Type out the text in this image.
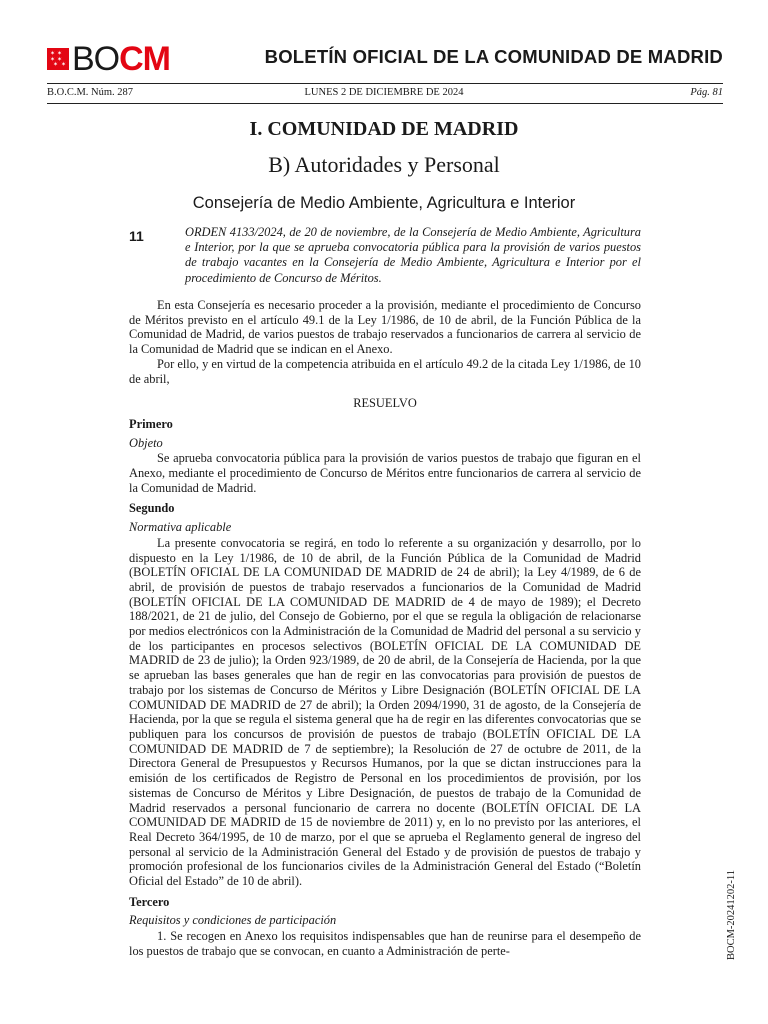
✶ ✶
✶ ✶
✶ ✶ BOCM	BOLETÍN OFICIAL DE LA COMUNIDAD DE MADRID
B.O.C.M. Núm. 287	LUNES 2 DE DICIEMBRE DE 2024	Pág. 81
I. COMUNIDAD DE MADRID
B) Autoridades y Personal
Consejería de Medio Ambiente, Agricultura e Interior
11	ORDEN 4133/2024, de 20 de noviembre, de la Consejería de Medio Ambiente, Agricultura e Interior, por la que se aprueba convocatoria pública para la provisión de varios puestos de trabajo vacantes en la Consejería de Medio Ambiente, Agricultura e Interior por el procedimiento de Concurso de Méritos.

En esta Consejería es necesario proceder a la provisión, mediante el procedimiento de Concurso de Méritos previsto en el artículo 49.1 de la Ley 1/1986, de 10 de abril, de la Función Pública de la Comunidad de Madrid, de varios puestos de trabajo reservados a funcionarios de carrera al servicio de la Comunidad de Madrid que se indican en el Anexo.

Por ello, y en virtud de la competencia atribuida en el artículo 49.2 de la citada Ley 1/1986, de 10 de abril,

RESUELVO

Primero

Objeto

Se aprueba convocatoria pública para la provisión de varios puestos de trabajo que figuran en el Anexo, mediante el procedimiento de Concurso de Méritos entre funcionarios de carrera al servicio de la Comunidad de Madrid.

Segundo

Normativa aplicable

La presente convocatoria se regirá, en todo lo referente a su organización y desarrollo, por lo dispuesto en la Ley 1/1986, de 10 de abril, de la Función Pública de la Comunidad de Madrid (BOLETÍN OFICIAL DE LA COMUNIDAD DE MADRID de 24 de abril); la Ley 4/1989, de 6 de abril, de provisión de puestos de trabajo reservados a funcionarios de la Comunidad de Madrid (BOLETÍN OFICIAL DE LA COMUNIDAD DE MADRID de 4 de mayo de 1989); el Decreto 188/2021, de 21 de julio, del Consejo de Gobierno, por el que se regula la obligación de relacionarse por medios electrónicos con la Administración de la Comunidad de Madrid del personal a su servicio y de los participantes en procesos selectivos (BOLETÍN OFICIAL DE LA COMUNIDAD DE MADRID de 23 de julio); la Orden 923/1989, de 20 de abril, de la Consejería de Hacienda, por la que se aprueban las bases generales que han de regir en las convocatorias para provisión de puestos de trabajo por los sistemas de Concurso de Méritos y Libre Designación (BOLETÍN OFICIAL DE LA COMUNIDAD DE MADRID de 27 de abril); la Orden 2094/1990, 31 de agosto, de la Consejería de Hacienda, por la que se regula el sistema general que ha de regir en las diferentes convocatorias que se publiquen para los concursos de provisión de puestos de trabajo (BOLETÍN OFICIAL DE LA COMUNIDAD DE MADRID de 7 de septiembre); la Resolución de 27 de octubre de 2011, de la Directora General de Presupuestos y Recursos Humanos, por la que se dictan instrucciones para la emisión de los certificados de Registro de Personal en los procedimientos de provisión, por los sistemas de Concurso de Méritos y Libre Designación, de puestos de trabajo de la Comunidad de Madrid reservados a personal funcionario de carrera no docente (BOLETÍN OFICIAL DE LA COMUNIDAD DE MADRID de 15 de noviembre de 2011) y, en lo no previsto por las anteriores, el Real Decreto 364/1995, de 10 de marzo, por el que se aprueba el Reglamento general de ingreso del personal al servicio de la Administración General del Estado y de provisión de puestos de trabajo y promoción profesional de los funcionarios civiles de la Administración General del Estado (“Boletín Oficial del Estado” de 10 de abril).

Tercero

Requisitos y condiciones de participación

1. Se recogen en Anexo los requisitos indispensables que han de reunirse para el desempeño de los puestos de trabajo que se convocan, en cuanto a Administración de perte-	BOCM-20241202-11
